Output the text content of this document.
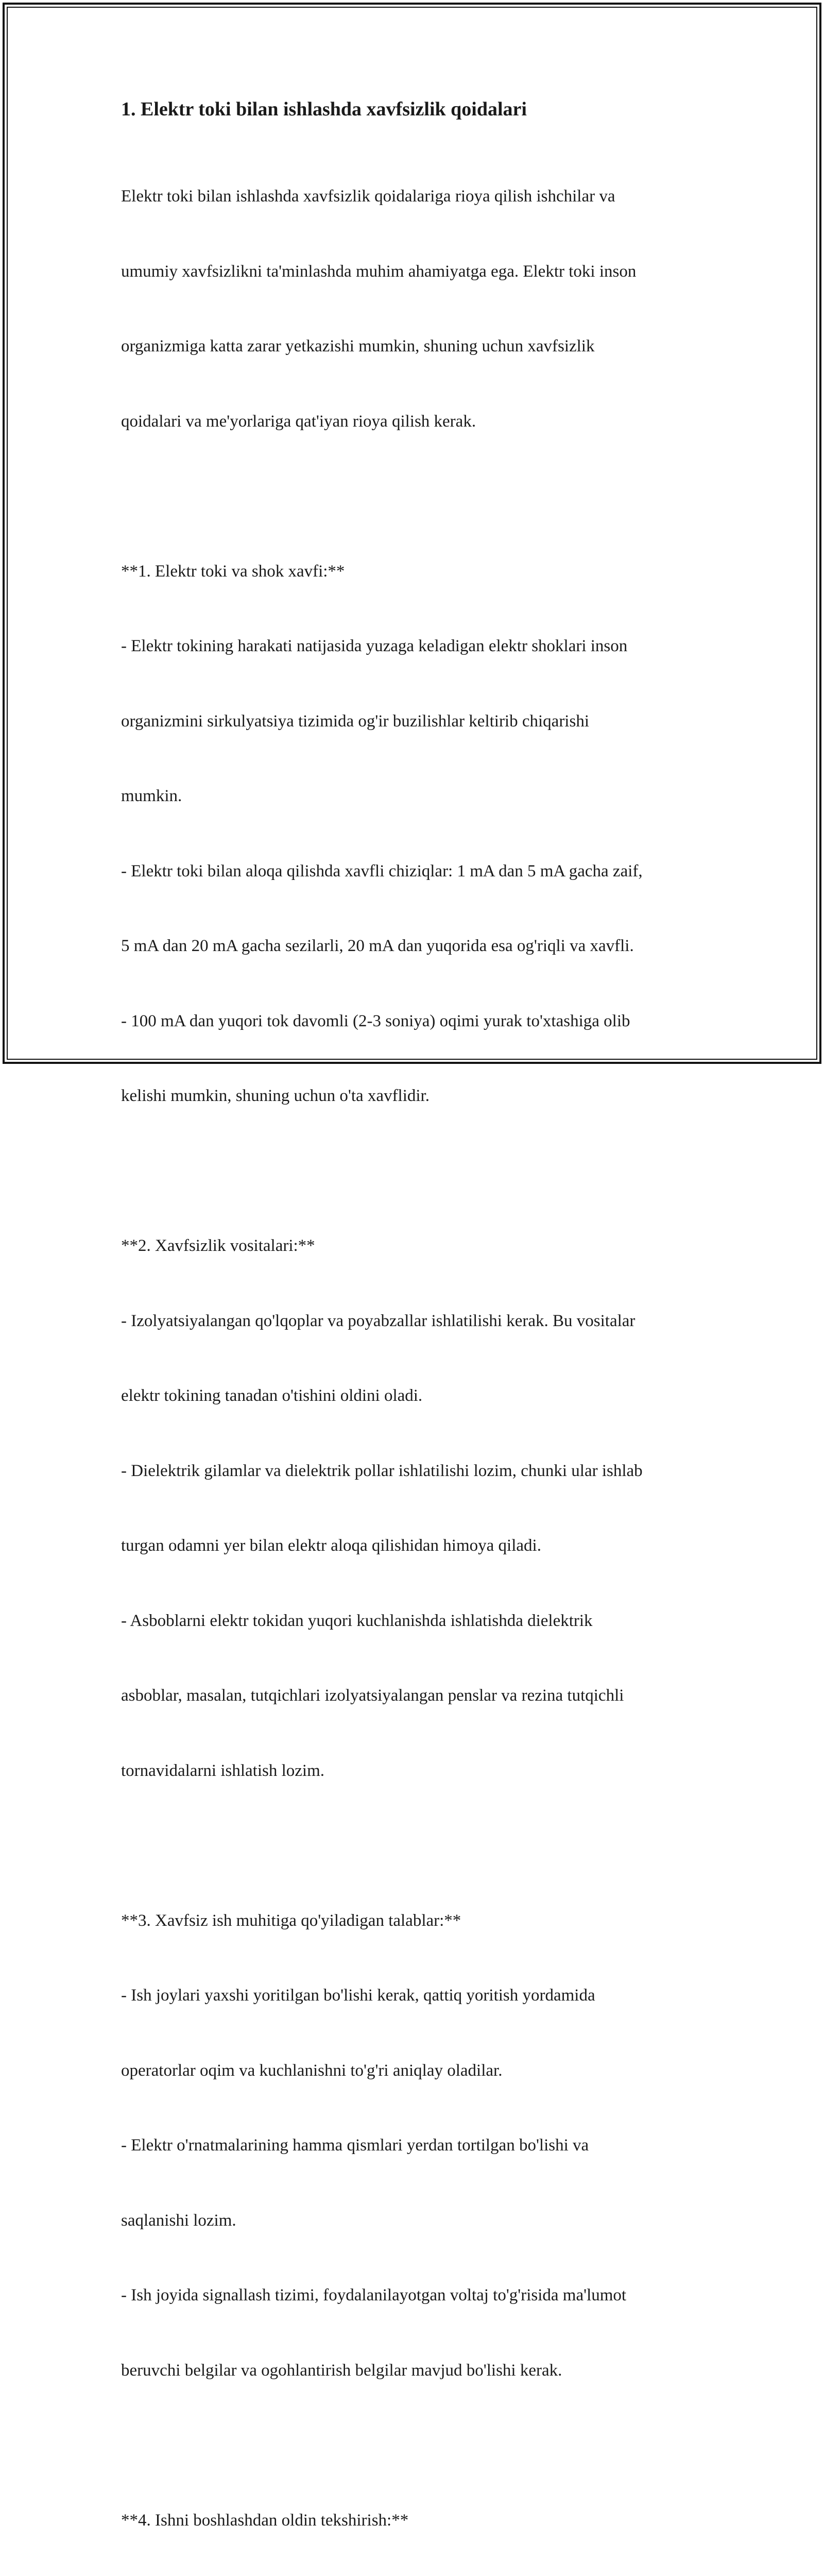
1. Elektr toki bilan ishlashda xavfsizlik qoidalari

Elektr toki bilan ishlashda xavfsizlik qoidalariga rioya qilish ishchilar va

umumiy xavfsizlikni ta'minlashda muhim ahamiyatga ega. Elektr toki inson

organizmiga katta zarar yetkazishi mumkin, shuning uchun xavfsizlik

qoidalari va me'yorlariga qat'iyan rioya qilish kerak.

**1. Elektr toki va shok xavfi:**

- Elektr tokining harakati natijasida yuzaga keladigan elektr shoklari inson

organizmini sirkulyatsiya tizimida og'ir buzilishlar keltirib chiqarishi

mumkin.

- Elektr toki bilan aloqa qilishda xavfli chiziqlar: 1 mA dan 5 mA gacha zaif,

5 mA dan 20 mA gacha sezilarli, 20 mA dan yuqorida esa og'riqli va xavfli.

- 100 mA dan yuqori tok davomli (2-3 soniya) oqimi yurak to'xtashiga olib

kelishi mumkin, shuning uchun o'ta xavflidir.

**2. Xavfsizlik vositalari:**

- Izolyatsiyalangan qo'lqoplar va poyabzallar ishlatilishi kerak. Bu vositalar

elektr tokining tanadan o'tishini oldini oladi.

- Dielektrik gilamlar va dielektrik pollar ishlatilishi lozim, chunki ular ishlab

turgan odamni yer bilan elektr aloqa qilishidan himoya qiladi.

- Asboblarni elektr tokidan yuqori kuchlanishda ishlatishda dielektrik

asboblar, masalan, tutqichlari izolyatsiyalangan penslar va rezina tutqichli

tornavidalarni ishlatish lozim.

**3. Xavfsiz ish muhitiga qo'yiladigan talablar:**

- Ish joylari yaxshi yoritilgan bo'lishi kerak, qattiq yoritish yordamida

operatorlar oqim va kuchlanishni to'g'ri aniqlay oladilar.

- Elektr o'rnatmalarining hamma qismlari yerdan tortilgan bo'lishi va

saqlanishi lozim.

- Ish joyida signallash tizimi, foydalanilayotgan voltaj to'g'risida ma'lumot

beruvchi belgilar va ogohlantirish belgilar mavjud bo'lishi kerak.

**4. Ishni boshlashdan oldin tekshirish:**
